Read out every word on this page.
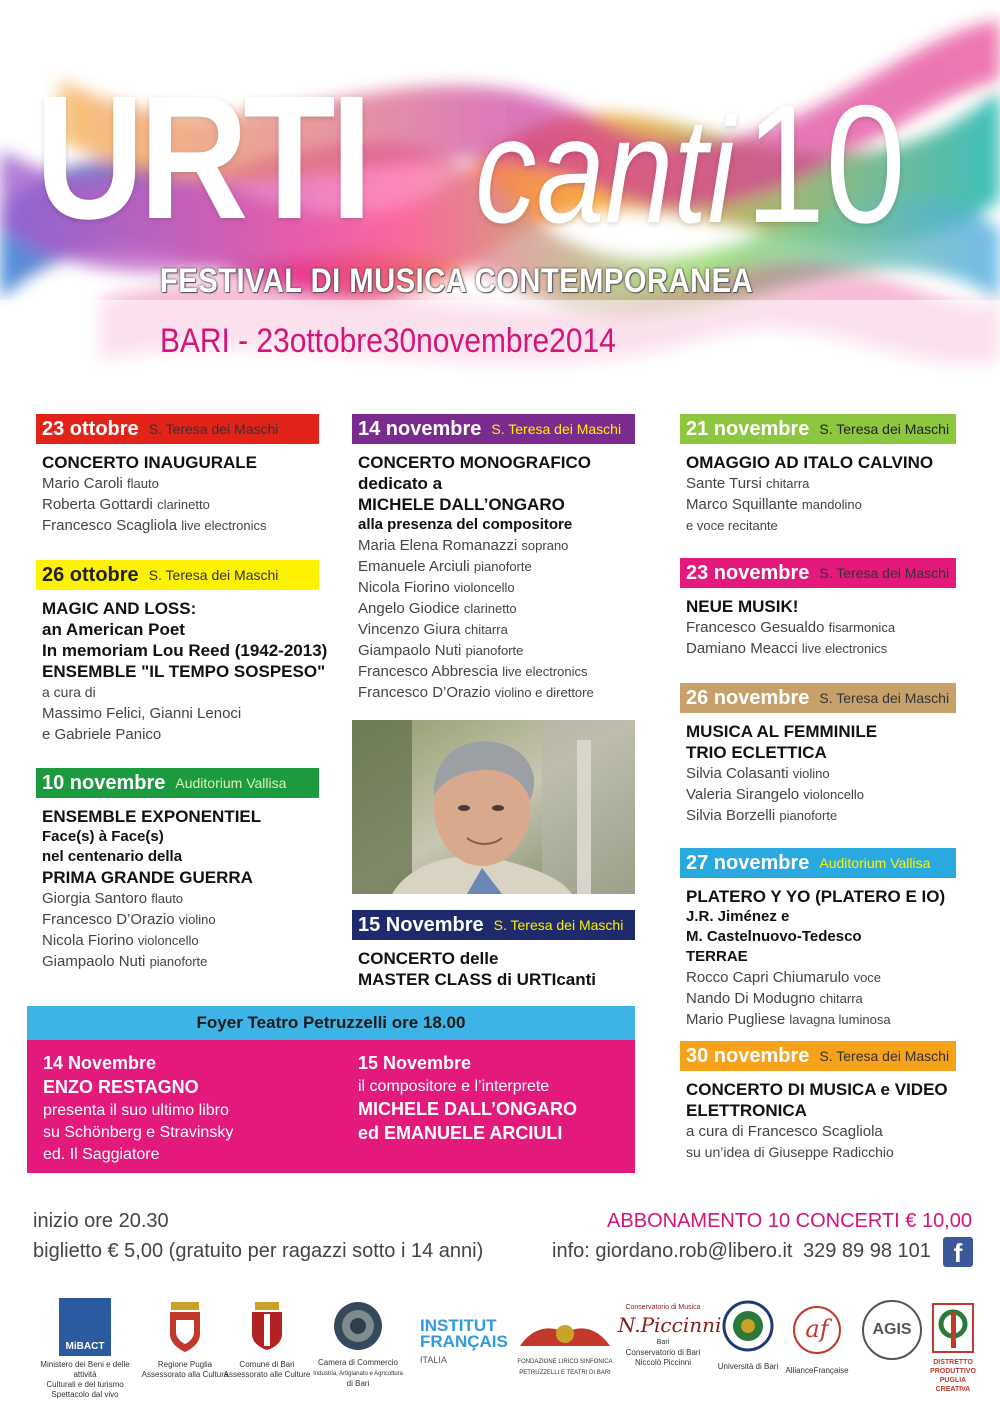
URTI canti 10
FESTIVAL DI MUSICA CONTEMPORANEA
BARI - 23ottobre30novembre2014
23 ottobre S. Teresa dei Maschi
CONCERTO INAUGURALE
Mario Caroli flauto
Roberta Gottardi clarinetto
Francesco Scagliola live electronics
26 ottobre S. Teresa dei Maschi
MAGIC AND LOSS:
an American Poet
In memoriam Lou Reed (1942-2013)
ENSEMBLE "IL TEMPO SOSPESO"
a cura di
Massimo Felici, Gianni Lenoci
e Gabriele Panico
10 novembre Auditorium Vallisa
ENSEMBLE EXPONENTIEL
Face(s) à Face(s)
nel centenario della
PRIMA GRANDE GUERRA
Giorgia Santoro flauto
Francesco D’Orazio violino
Nicola Fiorino violoncello
Giampaolo Nuti pianoforte
14 novembre S. Teresa dei Maschi
CONCERTO MONOGRAFICO
dedicato a
MICHELE DALL’ONGARO
alla presenza del compositore
Maria Elena Romanazzi soprano
Emanuele Arciuli pianoforte
Nicola Fiorino violoncello
Angelo Giodice clarinetto
Vincenzo Giura chitarra
Giampaolo Nuti pianoforte
Francesco Abbrescia live electronics
Francesco D’Orazio violino e direttore
15 Novembre S. Teresa dei Maschi
CONCERTO delle
MASTER CLASS di URTIcanti
21 novembre S. Teresa dei Maschi
OMAGGIO AD ITALO CALVINO
Sante Tursi chitarra
Marco Squillante mandolino
e voce recitante
23 novembre S. Teresa dei Maschi
NEUE MUSIK!
Francesco Gesualdo fisarmonica
Damiano Meacci live electronics
26 novembre S. Teresa dei Maschi
MUSICA AL FEMMINILE
TRIO ECLETTICA
Silvia Colasanti violino
Valeria Sirangelo violoncello
Silvia Borzelli pianoforte
27 novembre Auditorium Vallisa
PLATERO Y YO (PLATERO E IO)
J.R. Jiménez e
M. Castelnuovo-Tedesco
TERRAE
Rocco Capri Chiumarulo voce
Nando Di Modugno chitarra
Mario Pugliese lavagna luminosa
30 novembre S. Teresa dei Maschi
CONCERTO DI MUSICA e VIDEO
ELETTRONICA
a cura di Francesco Scagliola
su un’idea di Giuseppe Radicchio
Foyer Teatro Petruzzelli ore 18.00
14 Novembre
ENZO RESTAGNO
presenta il suo ultimo libro
su Schönberg e Stravinsky
ed. Il Saggiatore
15 Novembre
il compositore e l’interprete
MICHELE DALL’ONGARO
ed EMANUELE ARCIULI
inizio ore 20.30
biglietto € 5,00 (gratuito per ragazzi sotto i 14 anni)
ABBONAMENTO 10 CONCERTI € 10,00
info: giordano.rob@libero.it 329 89 98 101 f
MiBACT
Ministero dei Beni e delle attività
Culturali e del turismo
Spettacolo dal vivo
Regione Puglia
Assessorato alla Cultura
Comune di Bari
Assessorato alle Culture
Camera di Commercio
Industria, Artigianato e Agricoltura
di Bari
INSTITUT
FRANÇAIS
ITALIA	FONDAZIONE LIRICO SINFONICA
PETRUZZELLI E TEATRI DI BARI
Conservatorio di Musica
N.Piccinni
Bari
Conservatorio di Bari
Niccolò Piccinni	Università di Bari
af
AllianceFrançaise
AGIS
DISTRETTO
PRODUTTIVO
PUGLIA
CREATIVA
